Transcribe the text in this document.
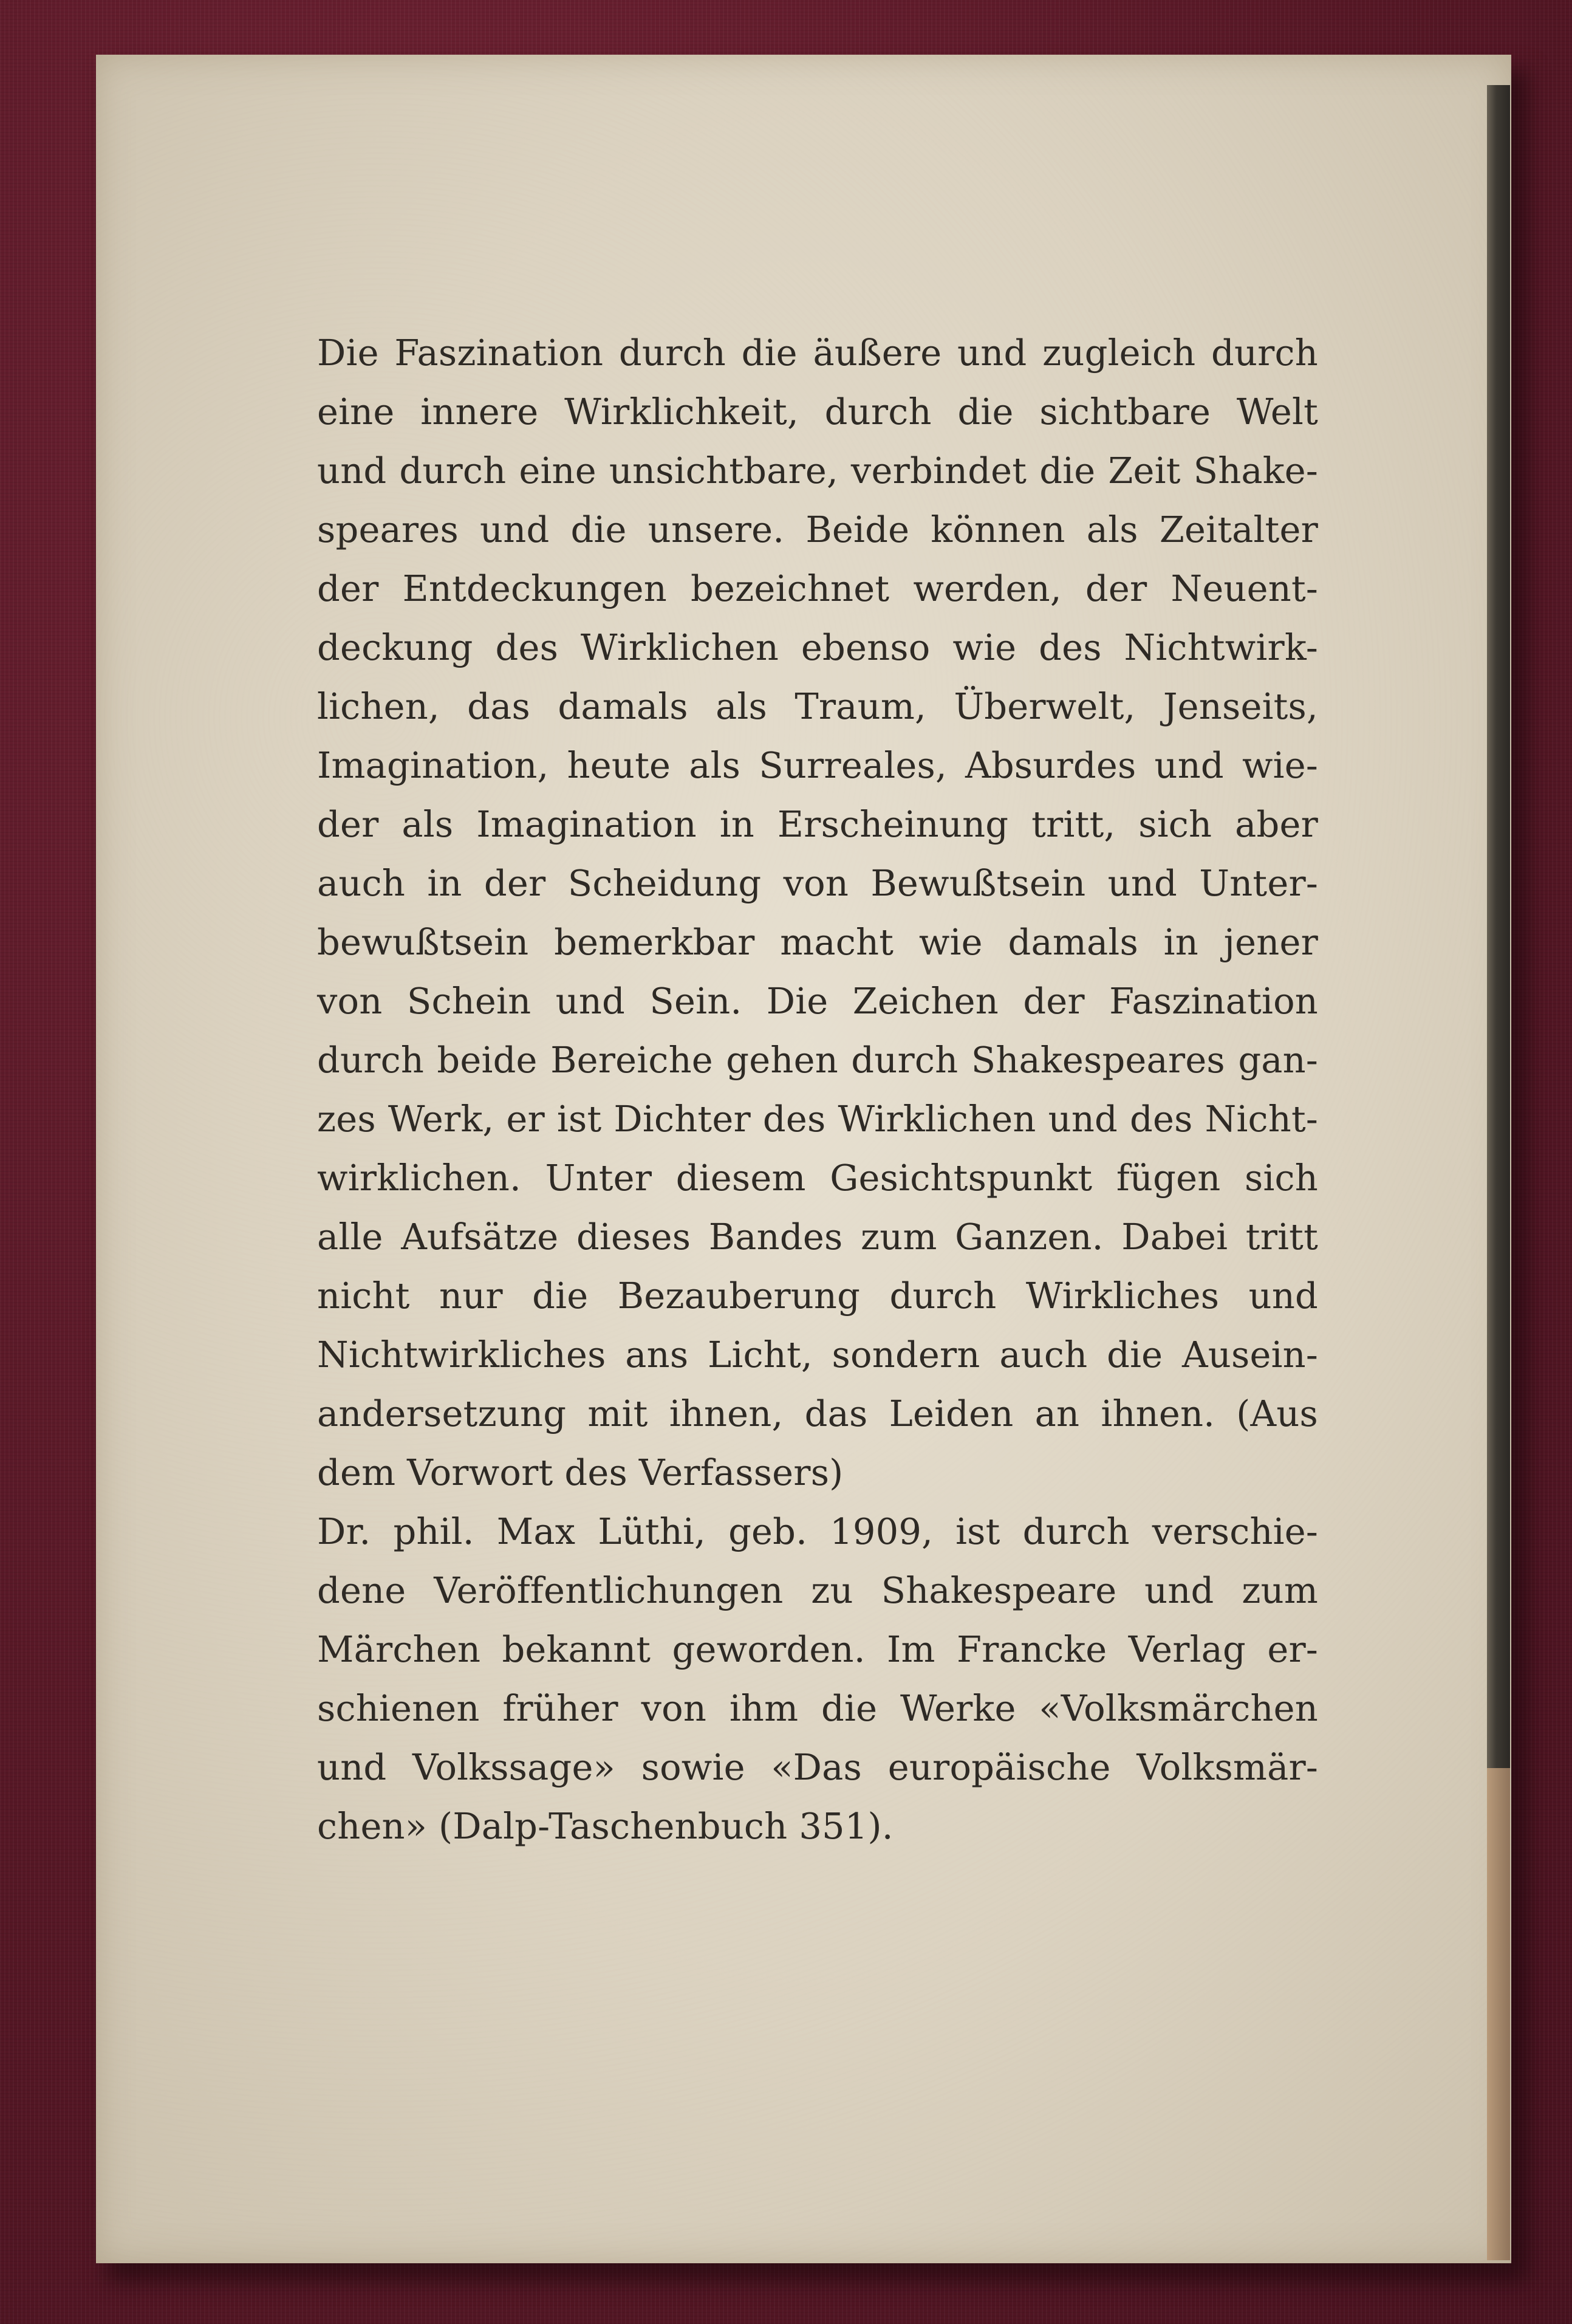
Die Faszination durch die äußere und zugleich durch
eine innere Wirklichkeit, durch die sichtbare Welt
und durch eine unsichtbare, verbindet die Zeit Shake-
speares und die unsere. Beide können als Zeitalter
der Entdeckungen bezeichnet werden, der Neuent-
deckung des Wirklichen ebenso wie des Nichtwirk-
lichen, das damals als Traum, Überwelt, Jenseits,
Imagination, heute als Surreales, Absurdes und wie-
der als Imagination in Erscheinung tritt, sich aber
auch in der Scheidung von Bewußtsein und Unter-
bewußtsein bemerkbar macht wie damals in jener
von Schein und Sein. Die Zeichen der Faszination
durch beide Bereiche gehen durch Shakespeares gan-
zes Werk, er ist Dichter des Wirklichen und des Nicht-
wirklichen. Unter diesem Gesichtspunkt fügen sich
alle Aufsätze dieses Bandes zum Ganzen. Dabei tritt
nicht nur die Bezauberung durch Wirkliches und
Nichtwirkliches ans Licht, sondern auch die Ausein-
andersetzung mit ihnen, das Leiden an ihnen. (Aus
dem Vorwort des Verfassers)
Dr. phil. Max Lüthi, geb. 1909, ist durch verschie-
dene Veröffentlichungen zu Shakespeare und zum
Märchen bekannt geworden. Im Francke Verlag er-
schienen früher von ihm die Werke «Volksmärchen
und Volkssage» sowie «Das europäische Volksmär-
chen» (Dalp-Taschenbuch 351).
